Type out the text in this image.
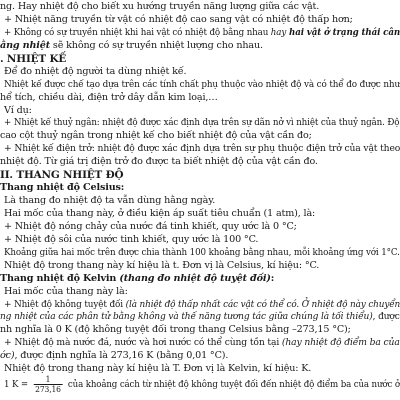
ng. Hay nhiệt độ cho biết xu hướng truyền năng lượng giữa các vật.
+ Nhiệt năng truyền từ vật có nhiệt độ cao sang vật có nhiệt độ thấp hơn;
+ Không có sự truyền nhiệt khi hai vật có nhiệt độ bằng nhau hay hai vật ở trạng thái cân
ằng nhiệt sẽ không có sự truyền nhiệt lượng cho nhau.
. NHIỆT KẾ
Để đo nhiệt độ người ta dùng nhiệt kế.
Nhiệt kế được chế tạo dựa trên các tính chất phụ thuộc vào nhiệt độ và có thể đo được như
hể tích, chiều dài, điện trở dây dẫn kim loại,…
Ví dụ:
+ Nhiệt kế thuỷ ngân: nhiệt độ được xác định dựa trên sự dãn nở vì nhiệt của thuỷ ngân. Độ
cao cột thuỷ ngân trong nhiệt kế cho biết nhiệt độ của vật cần đo;
+ Nhiệt kế điện trở: nhiệt độ được xác định dựa trên sự phụ thuộc điện trở của vật theo
nhiệt độ. Từ giá trị điện trở đo được ta biết nhiệt độ của vật cần đo.
II. THANG NHIỆT ĐỘ
Thang nhiệt độ Celsius:
Là thang đo nhiệt độ ta vẫn dùng hằng ngày.
Hai mốc của thang này, ở điều kiện áp suất tiêu chuẩn (1 atm), là:
+ Nhiệt độ nóng chảy của nước đá tinh khiết, quy ước là 0 °C;
+ Nhiệt độ sôi của nước tinh khiết, quy ước là 100 °C.
Khoảng giữa hai mốc trên được chia thành 100 khoảng bằng nhau, mỗi khoảng ứng với 1°C.
Nhiệt độ trong thang này kí hiệu là t. Đơn vị là Celsius, kí hiệu: °C.
Thang nhiệt độ Kelvin (thang đo nhiệt độ tuyệt đối):
Hai mốc của thang này là:
+ Nhiệt độ không tuyệt đối (là nhiệt độ thấp nhất các vật có thể có. Ở nhiệt độ này chuyển
ng nhiệt của các phân tử bằng không và thế năng tương tác giữa chúng là tối thiểu), được
nh nghĩa là 0 K (độ không tuyệt đối trong thang Celsius bằng –273,15 °C);
+ Nhiệt độ mà nước đá, nước và hơi nước có thể cùng tồn tại (hay nhiệt độ điểm ba của
ớc), được định nghĩa là 273,16 K (bằng 0,01 °C).
Nhiệt độ trong thang này kí hiệu là T. Đơn vị là Kelvin, kí hiệu: K.
1 $K = \frac{1}{273,16}$ của khoảng cách từ nhiệt độ không tuyệt đối đến nhiệt độ điểm ba của nước ở
